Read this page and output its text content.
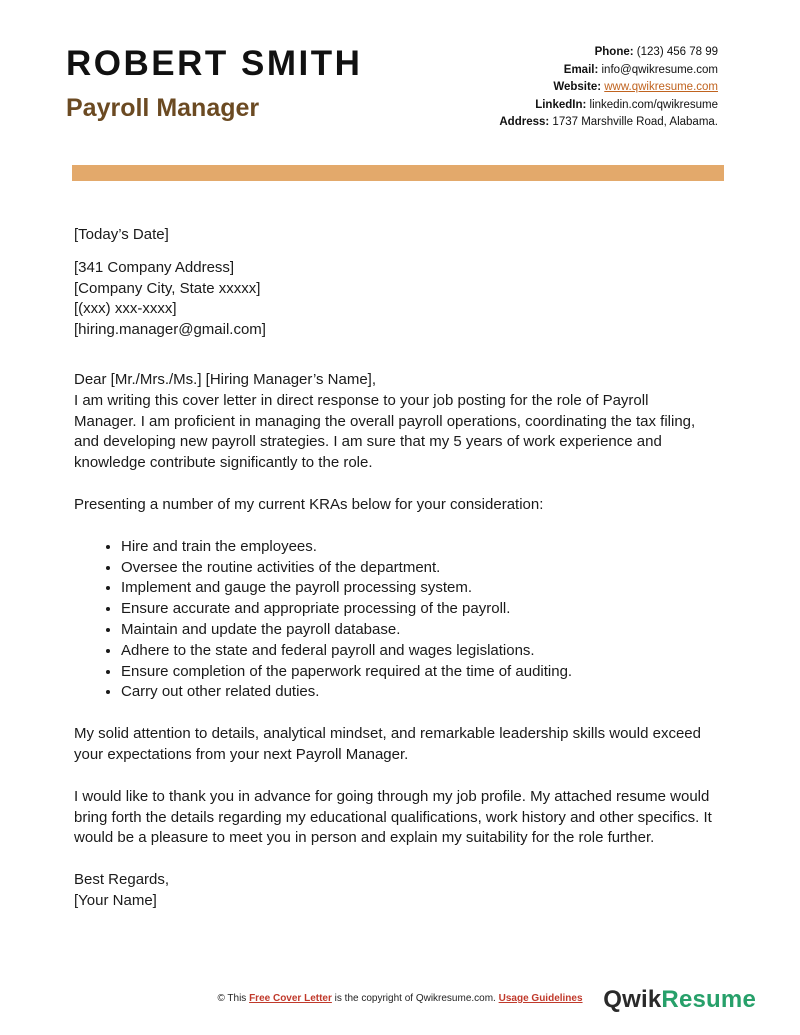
ROBERT SMITH
Payroll Manager
Phone: (123) 456 78 99
Email: info@qwikresume.com
Website: www.qwikresume.com
LinkedIn: linkedin.com/qwikresume
Address: 1737 Marshville Road, Alabama.

[Today’s Date]

[341 Company Address]
[Company City, State xxxxx]
[(xxx) xxx-xxxx]
[hiring.manager@gmail.com]

Dear [Mr./Mrs./Ms.] [Hiring Manager’s Name],

I am writing this cover letter in direct response to your job posting for the role of Payroll Manager. I am proficient in managing the overall payroll operations, coordinating the tax filing, and developing new payroll strategies. I am sure that my 5 years of work experience and knowledge contribute significantly to the role.

Presenting a number of my current KRAs below for your consideration:

• Hire and train the employees.
• Oversee the routine activities of the department.
• Implement and gauge the payroll processing system.
• Ensure accurate and appropriate processing of the payroll.
• Maintain and update the payroll database.
• Adhere to the state and federal payroll and wages legislations.
• Ensure completion of the paperwork required at the time of auditing.
• Carry out other related duties.

My solid attention to details, analytical mindset, and remarkable leadership skills would exceed your expectations from your next Payroll Manager.

I would like to thank you in advance for going through my job profile. My attached resume would bring forth the details regarding my educational qualifications, work history and other specifics. It would be a pleasure to meet you in person and explain my suitability for the role further.

Best Regards,

[Your Name]

© This Free Cover Letter is the copyright of Qwikresume.com. Usage Guidelines QwikResume
